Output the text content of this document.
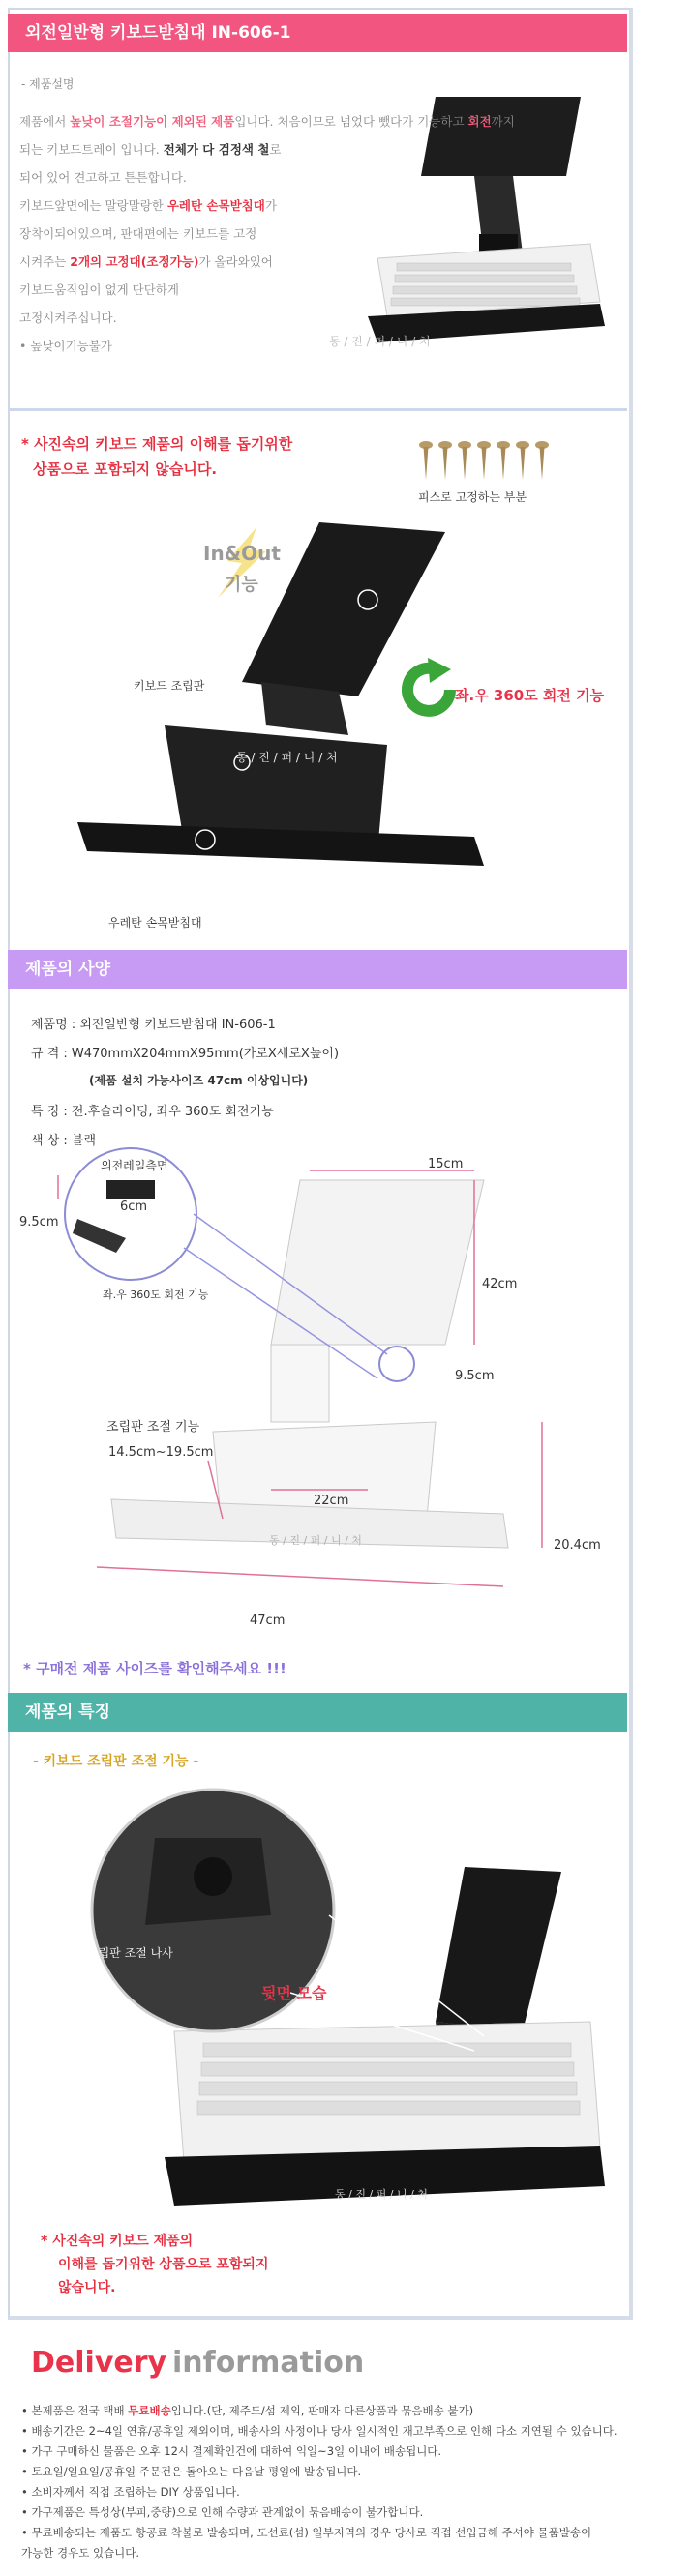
외전일반형 키보드받침대 IN-606-1
- 제품설명
동 / 진 / 퍼 / 니 / 처
제품에서 높낮이 조절기능이 제외된 제품입니다. 처음이므로 넘었다 뺐다가 기능하고 회전까지
되는 키보드트레이 입니다. 전체가 다 검정색 철로
되어 있어 견고하고 튼튼합니다.
키보드앞면에는 말랑말랑한 우레탄 손목받침대가
장착이되어있으며, 판대편에는 키보드를 고정
시켜주는 2개의 고정대(조정가능)가 올라와있어
키보드움직임이 없게 단단하게
고정시켜주십니다.
• 높낮이기능불가
* 사진속의 키보드 제품의 이해를 돕기위한
상품으로 포함되지 않습니다.
피스로 고정하는 부분
In&Out
기능
키보드 조립판
동 / 진 / 퍼 / 니 / 처
좌.우 360도 회전 기능
우레탄 손목받침대
제품의 사양
제품명 : 외전일반형 키보드받침대 IN-606-1
규 격 : W470mmX204mmX95mm(가로X세로X높이)
(제품 설치 가능사이즈 47cm 이상입니다)
특 징 : 전.후슬라이딩, 좌우 360도 회전기능
색 상 : 블랙
외전레일측면
9.5cm
6cm
좌.우 360도 회전 기능
15cm
42cm
9.5cm
조립판 조절 기능
14.5cm~19.5cm
22cm
20.4cm
동 / 진 / 퍼 / 니 / 처
47cm
* 구매전 제품 사이즈를 확인해주세요 !!!
제품의 특징
- 키보드 조립판 조절 기능 -
조립판 조절 나사
뒷면 모습
동 / 진 / 퍼 / 니 / 처
* 사진속의 키보드 제품의
이해를 돕기위한 상품으로 포함되지
않습니다.
Delivery information
• 본제품은 전국 택배 무료배송입니다.(단, 제주도/섬 제외, 판매자 다른상품과 묶음배송 불가)
• 배송기간은 2~4일 연휴/공휴일 제외이며, 배송사의 사정이나 당사 일시적인 재고부족으로 인해 다소 지연될 수 있습니다.
• 가구 구매하신 물품은 오후 12시 결제확인건에 대하여 익일~3일 이내에 배송됩니다.
• 토요일/일요일/공휴일 주문건은 돌아오는 다음날 평일에 발송됩니다.
• 소비자께서 직접 조립하는 DIY 상품입니다.
• 가구제품은 특성상(부피,중량)으로 인해 수량과 관계없이 묶음배송이 불가합니다.
• 무료배송되는 제품도 항공료 착불로 발송되며, 도선료(섬) 일부지역의 경우 당사로 직접 선입금해 주셔야 물품발송이
가능한 경우도 있습니다.
